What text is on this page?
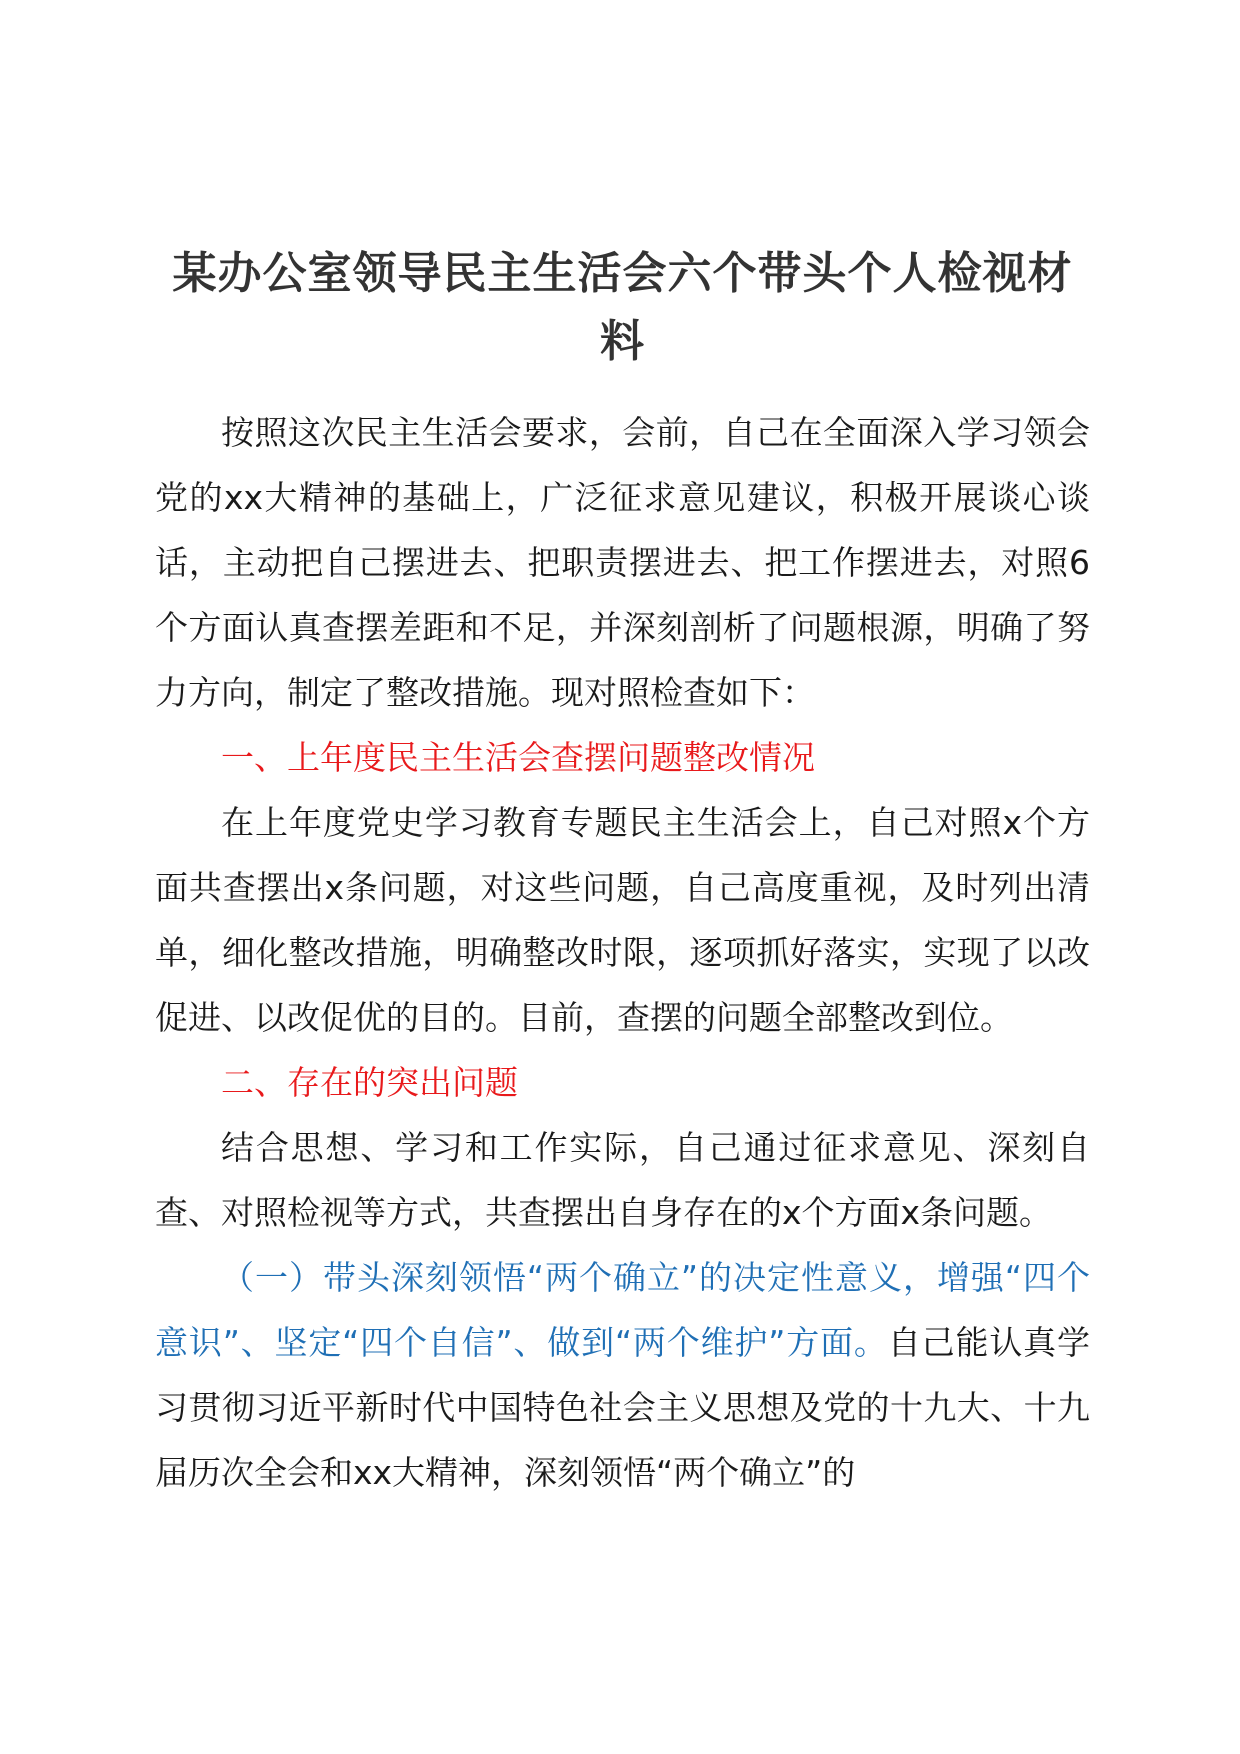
某办公室领导民主生活会六个带头个人检视材料

按照这次民主生活会要求，会前，自己在全面深入学习领会党的xx大精神的基础上，广泛征求意见建议，积极开展谈心谈话，主动把自己摆进去、把职责摆进去、把工作摆进去，对照6个方面认真查摆差距和不足，并深刻剖析了问题根源，明确了努力方向，制定了整改措施。现对照检查如下：

一、上年度民主生活会查摆问题整改情况

在上年度党史学习教育专题民主生活会上，自己对照x个方面共查摆出x条问题，对这些问题，自己高度重视，及时列出清单，细化整改措施，明确整改时限，逐项抓好落实，实现了以改促进、以改促优的目的。目前，查摆的问题全部整改到位。

二、存在的突出问题

结合思想、学习和工作实际，自己通过征求意见、深刻自查、对照检视等方式，共查摆出自身存在的x个方面x条问题。

（一）带头深刻领悟“两个确立”的决定性意义，增强“四个意识”、坚定“四个自信”、做到“两个维护”方面。自己能认真学习贯彻习近平新时代中国特色社会主义思想及党的十九大、十九届历次全会和xx大精神，深刻领悟“两个确立”的
